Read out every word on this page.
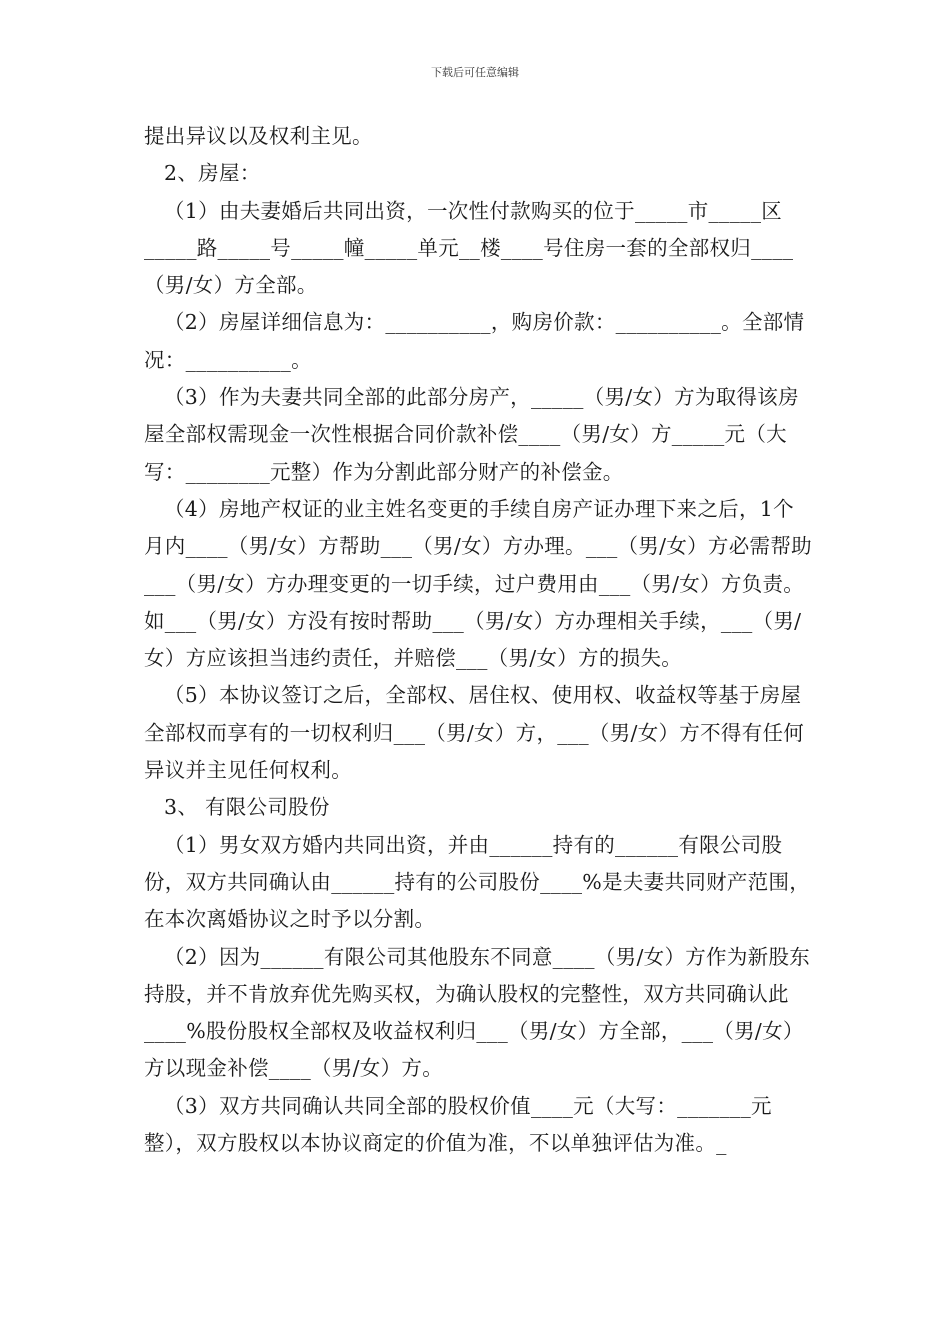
下载后可任意编辑

提出异议以及权利主见。

2、房屋：

（1）由夫妻婚后共同出资，一次性付款购买的位于_____市_____区_____路_____号_____幢_____单元__楼____号住房一套的全部权归____（男/女）方全部。

（2）房屋详细信息为：__________，购房价款：__________。全部情况：__________。

（3）作为夫妻共同全部的此部分房产，_____（男/女）方为取得该房屋全部权需现金一次性根据合同价款补偿____（男/女）方_____元（大写：________元整）作为分割此部分财产的补偿金。

（4）房地产权证的业主姓名变更的手续自房产证办理下来之后，1个月内____（男/女）方帮助___（男/女）方办理。___（男/女）方必需帮助 ___（男/女）方办理变更的一切手续，过户费用由___（男/女）方负责。如___（男/女）方没有按时帮助___（男/女）方办理相关手续，___（男/女）方应该担当违约责任，并赔偿___（男/女）方的损失。

（5）本协议签订之后，全部权、居住权、使用权、收益权等基于房屋全部权而享有的一切权利归___（男/女）方，___（男/女）方不得有任何异议并主见任何权利。

3、 有限公司股份

（1）男女双方婚内共同出资，并由______持有的______有限公司股份，双方共同确认由______持有的公司股份____%是夫妻共同财产范围，在本次离婚协议之时予以分割。

（2）因为______有限公司其他股东不同意____（男/女）方作为新股东持股，并不肯放弃优先购买权，为确认股权的完整性，双方共同确认此____%股份股权全部权及收益权利归___（男/女）方全部，___（男/女）方以现金补偿____（男/女）方。

（3）双方共同确认共同全部的股权价值____元（大写：_______元整），双方股权以本协议商定的价值为准，不以单独评估为准。_
